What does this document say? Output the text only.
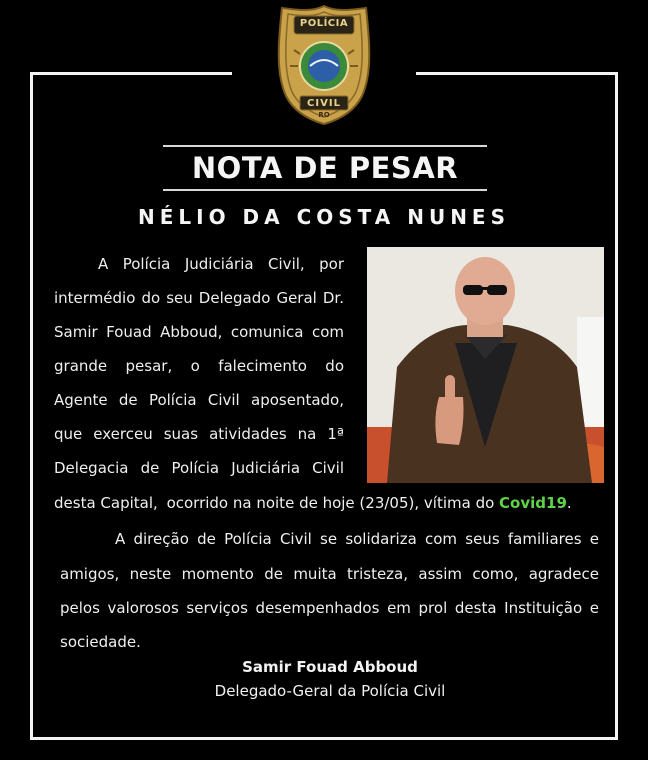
POLÍCIA
CIVIL
RO
NOTA DE PESAR
NÉLIO DA COSTA NUNES
A Polícia Judiciária Civil, por
intermédio do seu Delegado Geral Dr.
Samir Fouad Abboud, comunica com
grande pesar, o falecimento do
Agente de Polícia Civil aposentado,
que exerceu suas atividades na 1ª
Delegacia de Polícia Judiciária Civil
desta Capital, ocorrido na noite de hoje (23/05), vítima do Covid19.
A direção de Polícia Civil se solidariza com seus familiares e
amigos, neste momento de muita tristeza, assim como, agradece
pelos valorosos serviços desempenhados em prol desta Instituição e
sociedade.
Samir Fouad Abboud
Delegado-Geral da Polícia Civil
